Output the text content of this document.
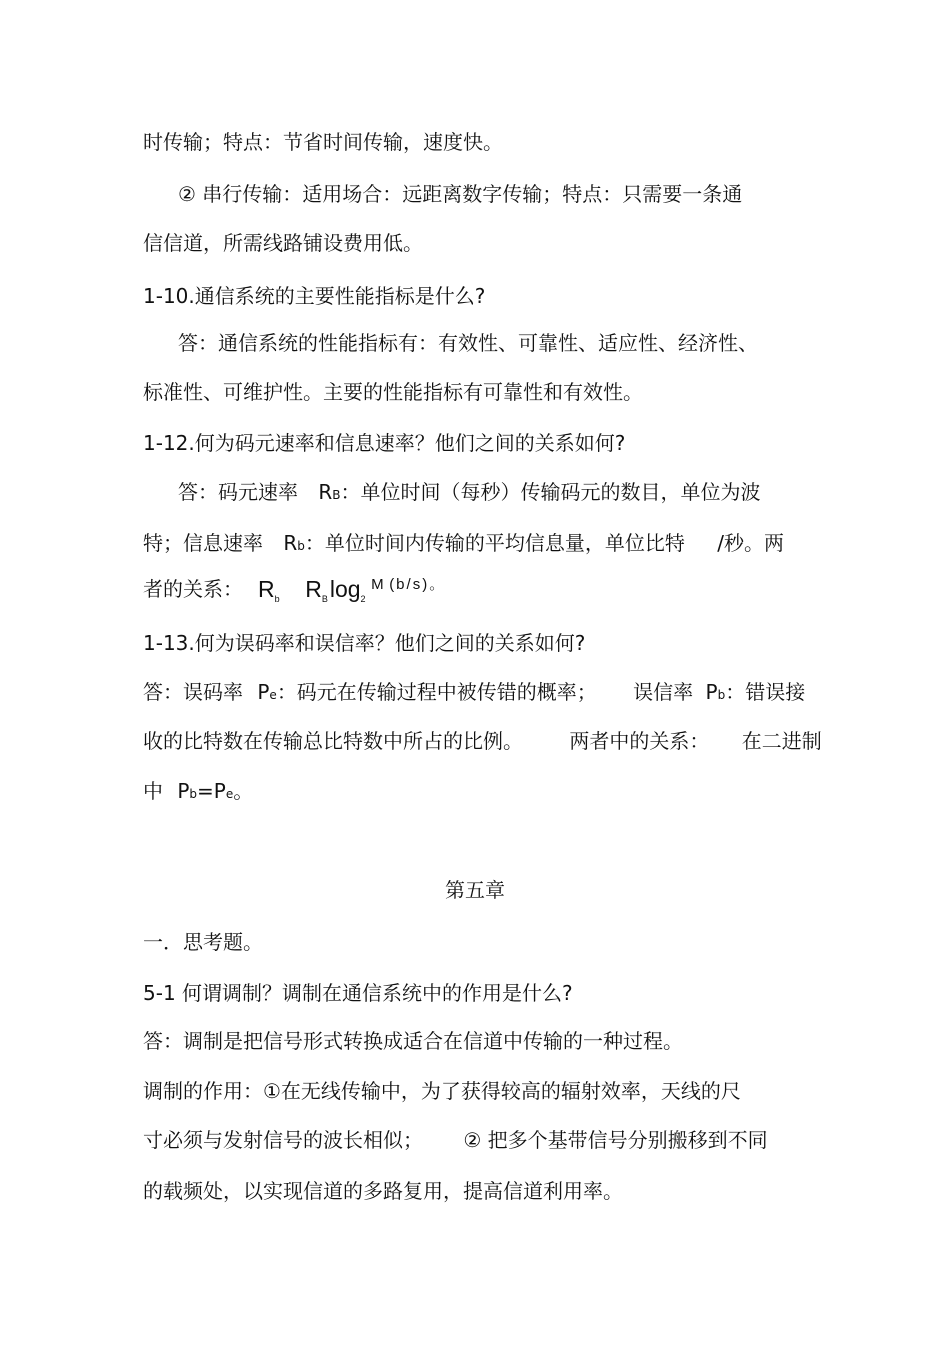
时传输；特点：节省时间传输，速度快。
② 串行传输：适用场合：远距离数字传输；特点：只需要一条通
信信道，所需线路铺设费用低。
1-10.通信系统的主要性能指标是什么?
答：通信系统的性能指标有：有效性、可靠性、适应性、经济性、
标准性、可维护性。主要的性能指标有可靠性和有效性。
1-12.何为码元速率和信息速率？他们之间的关系如何?
答：码元速率 RB：单位时间（每秒）传输码元的数目，单位为波
特；信息速率 Rb：单位时间内传输的平均信息量，单位比特 /秒。两
者的关系： $R_b$ $R_B\log_2$ $^M$ $^{(b/s)。}$
1-13.何为误码率和误信率？他们之间的关系如何?
答：误码率 Pe：码元在传输过程中被传错的概率； 误信率 Pb：错误接
收的比特数在传输总比特数中所占的比例。 两者中的关系： 在二进制
中 Pb=Pe。
第五章
一．思考题。
5-1 何谓调制？调制在通信系统中的作用是什么?
答：调制是把信号形式转换成适合在信道中传输的一种过程。
调制的作用：①在无线传输中，为了获得较高的辐射效率，天线的尺
寸必须与发射信号的波长相似； ② 把多个基带信号分别搬移到不同
的载频处，以实现信道的多路复用，提高信道利用率。
